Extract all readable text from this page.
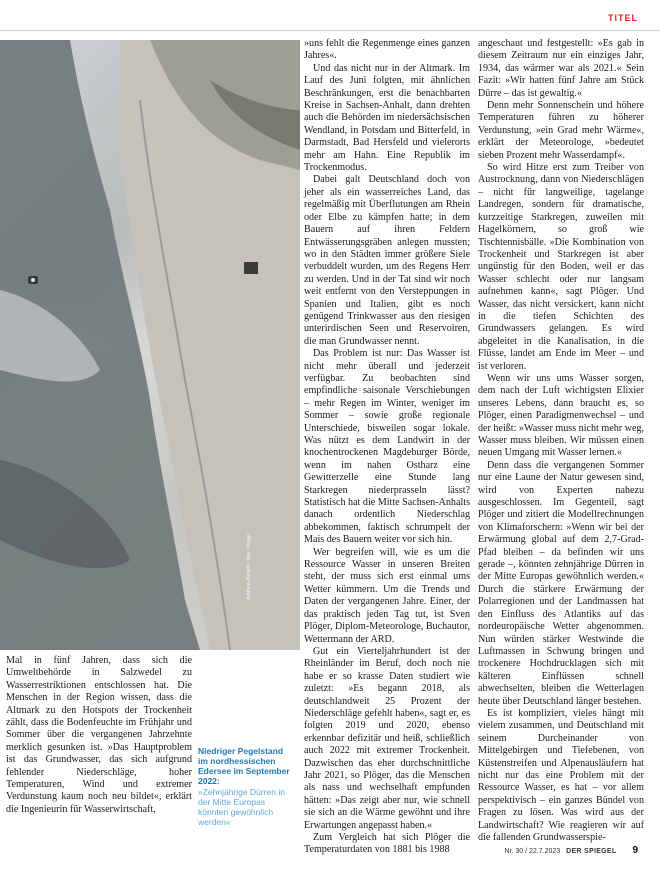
TITEL
Andreas Bartels / dpa / imago

Mal in fünf Jahren, dass sich die Umweltbehörde in Salzwedel zu Wasserrestriktionen entschlossen hat. Die Menschen in der Region wissen, dass die Altmark zu den Hotspots der Trockenheit zählt, dass die Bodenfeuchte im Frühjahr und Sommer über die vergangenen Jahrzehnte merklich gesunken ist. »Das Hauptproblem ist das Grundwasser, das sich aufgrund fehlender Niederschläge, hoher Temperaturen, Wind und extremer Verdunstung kaum noch neu bildet«, erklärt die Ingenieurin für Wasserwirtschaft,

Niedriger Pegelstand im nordhessischen Edersee im September 2022:
»Zehnjährige Dürren in der Mitte Europas könnten gewöhnlich werden«

»uns fehlt die Regenmenge eines ganzen Jahres«.

Und das nicht nur in der Altmark. Im Lauf des Juni folgten, mit ähnlichen Beschränkungen, erst die benachbarten Kreise in Sachsen-Anhalt, dann drehten auch die Behörden im niedersächsischen Wendland, in Potsdam und Bitterfeld, in Darmstadt, Bad Hersfeld und vielerorts mehr am Hahn. Eine Republik im Trockenmodus.

Dabei galt Deutschland doch von jeher als ein wasserreiches Land, das regelmäßig mit Überflutungen am Rhein oder Elbe zu kämpfen hatte; in dem Bauern auf ihren Feldern Entwässerungsgräben anlegen mussten; wo in den Städten immer größere Siele verbuddelt wurden, um des Regens Herr zu werden. Und in der Tat sind wir noch weit entfernt von den Versteppungen in Spanien und Italien, gibt es noch genügend Trinkwasser aus den riesigen unterirdischen Seen und Reservoiren, die man Grundwasser nennt.

Das Problem ist nur: Das Wasser ist nicht mehr überall und jederzeit verfügbar. Zu beobachten sind empfindliche saisonale Verschiebungen – mehr Regen im Winter, weniger im Sommer – sowie große regionale Unterschiede, bisweilen sogar lokale. Was nützt es dem Landwirt in der knochentrockenen Magdeburger Börde, wenn im nahen Ostharz eine Gewitterzelle eine Stunde lang Starkregen niederprasseln lässt? Statistisch hat die Mitte Sachsen-Anhalts danach ordentlich Niederschlag abbekommen, faktisch schrumpelt der Mais des Bauern weiter vor sich hin.

Wer begreifen will, wie es um die Ressource Wasser in unseren Breiten steht, der muss sich erst einmal ums Wetter kümmern. Um die Trends und Daten der vergangenen Jahre. Einer, der das praktisch jeden Tag tut, ist Sven Plöger, Diplom-Meteorologe, Buchautor, Wettermann der ARD.

Gut ein Vierteljahrhundert ist der Rheinländer im Beruf, doch noch nie habe er so krasse Daten studiert wie zuletzt: »Es begann 2018, als deutschlandweit 25 Prozent der Niederschläge gefehlt haben«, sagt er, es folgten 2019 und 2020, ebenso erkennbar defizitär und heiß, schließlich auch 2022 mit extremer Trockenheit. Dazwischen das eher durchschnittliche Jahr 2021, so Plöger, das die Menschen als nass und wechselhaft empfunden hätten: »Das zeigt aber nur, wie schnell sie sich an die Wärme gewöhnt und ihre Erwartungen angepasst haben.«

Zum Vergleich hat sich Plöger die Temperaturdaten von 1881 bis 1988

angeschaut und festgestellt: »Es gab in diesem Zeitraum nur ein einziges Jahr, 1934, das wärmer war als 2021.« Sein Fazit: »Wir hatten fünf Jahre am Stück Dürre – das ist gewaltig.«

Denn mehr Sonnenschein und höhere Temperaturen führen zu höherer Verdunstung, »ein Grad mehr Wärme«, erklärt der Meteorologe, »bedeutet sieben Prozent mehr Wasserdampf«.

So wird Hitze erst zum Treiber von Austrocknung, dann von Niederschlägen – nicht für langweilige, tagelange Landregen, sondern für dramatische, kurzzeitige Starkregen, zuweilen mit Hagelkörnern, so groß wie Tischtennisbälle. »Die Kombination von Trockenheit und Starkregen ist aber ungünstig für den Boden, weil er das Wasser schlecht oder nur langsam aufnehmen kann«, sagt Plöger. Und Wasser, das nicht versickert, kann nicht in die tiefen Schichten des Grundwassers gelangen. Es wird abgeleitet in die Kanalisation, in die Flüsse, landet am Ende im Meer – und ist verloren.

Wenn wir uns ums Wasser sorgen, dem nach der Luft wichtigsten Elixier unseres Lebens, dann braucht es, so Plöger, einen Paradigmenwechsel – und der heißt: »Wasser muss nicht mehr weg, Wasser muss bleiben. Wir müssen einen neuen Umgang mit Wasser lernen.«

Denn dass die vergangenen Sommer nur eine Laune der Natur gewesen sind, wird von Experten nahezu ausgeschlossen. Im Gegenteil, sagt Plöger und zitiert die Modellrechnungen von Klimaforschern: »Wenn wir bei der Erwärmung global auf dem 2,7-Grad-Pfad bleiben – da befinden wir uns gerade –, könnten zehnjährige Dürren in der Mitte Europas gewöhnlich werden.« Durch die stärkere Erwärmung der Polarregionen und der Landmassen hat den Einfluss des Atlantiks auf das nordeuropäische Wetter abgenommen. Nun würden stärker Westwinde die Luftmassen in Schwung bringen und trockenere Hochdrucklagen sich mit kälteren Einflüssen schnell abwechselten, bleiben die Wetterlagen heute über Deutschland länger bestehen.

Es ist kompliziert, vieles hängt mit vielem zusammen, und Deutschland mit seinem Durcheinander von Mittelgebirgen und Tiefebenen, von Küstenstreifen und Alpenausläufern hat nicht nur das eine Problem mit der Ressource Wasser, es hat – vor allem perspektivisch – ein ganzes Bündel von Fragen zu lösen. Was wird aus der Landwirtschaft? Wie reagieren wir auf die fallenden Grundwasserspie-

Nr. 30 / 22.7.2023 DER SPIEGEL 9
